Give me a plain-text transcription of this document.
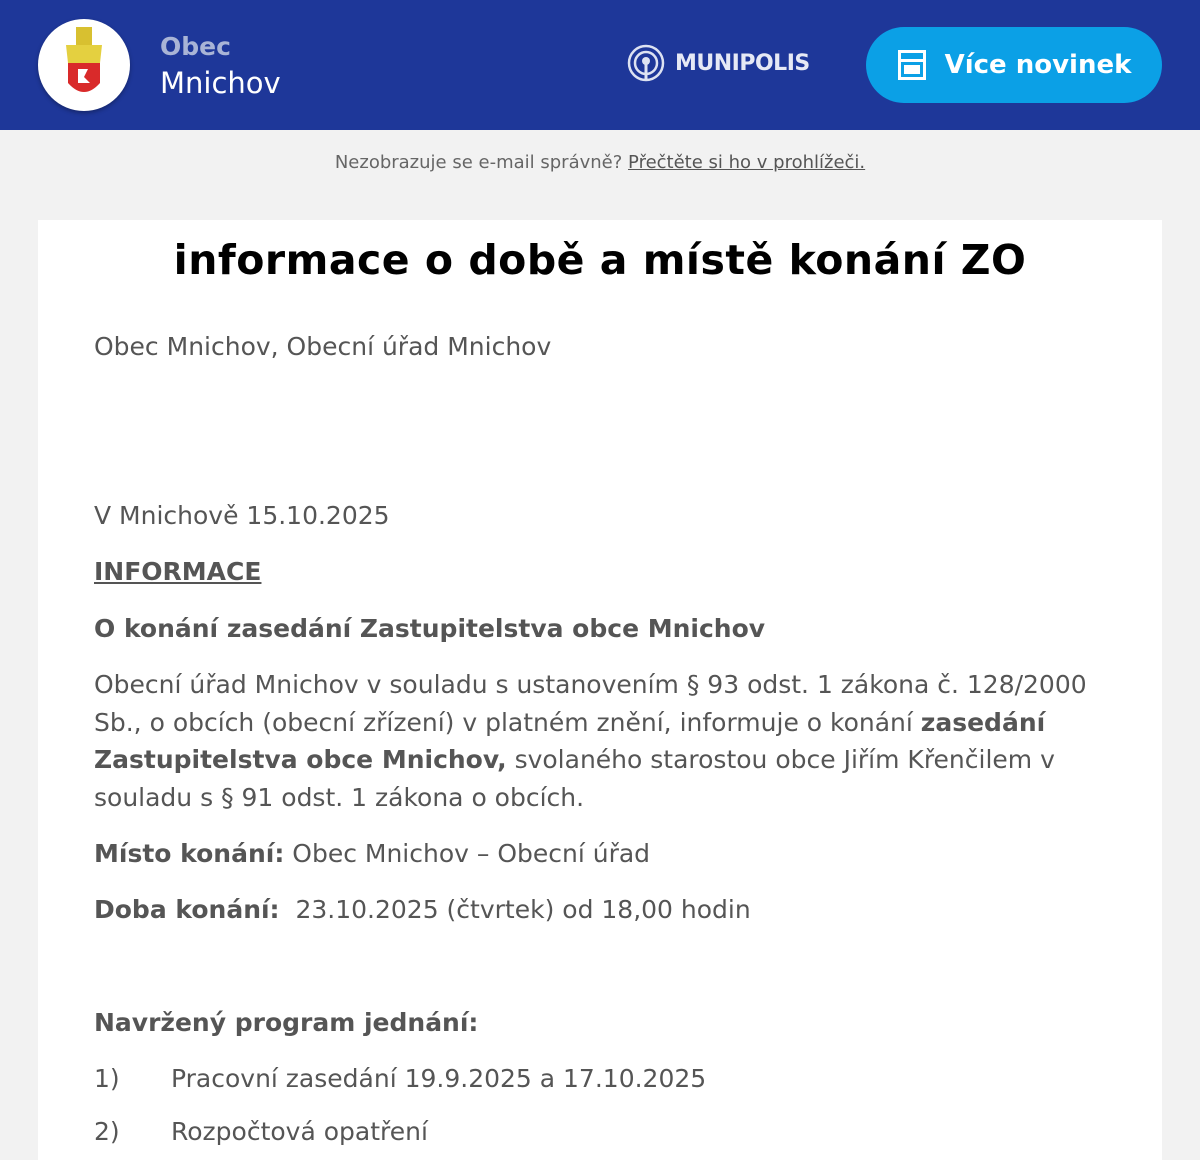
Obec
Mnichov
MUNIPOLIS	Více novinek
Nezobrazuje se e-mail správně? Přečtěte si ho v prohlížeči.
informace o době a místě konání ZO
Obec Mnichov, Obecní úřad Mnichov
V Mnichově 15.10.2025
INFORMACE
O konání zasedání Zastupitelstva obce Mnichov
Obecní úřad Mnichov v souladu s ustanovením § 93 odst. 1 zákona č. 128/2000 Sb., o obcích (obecní zřízení) v platném znění, informuje o konání zasedání Zastupitelstva obce Mnichov, svolaného starostou obce Jiřím Křenčilem v souladu s § 91 odst. 1 zákona o obcích.
Místo konání: Obec Mnichov – Obecní úřad
Doba konání:  23.10.2025 (čtvrtek) od 18,00 hodin
Navržený program jednání:
1) Pracovní zasedání 19.9.2025 a 17.10.2025
2) Rozpočtová opatření
